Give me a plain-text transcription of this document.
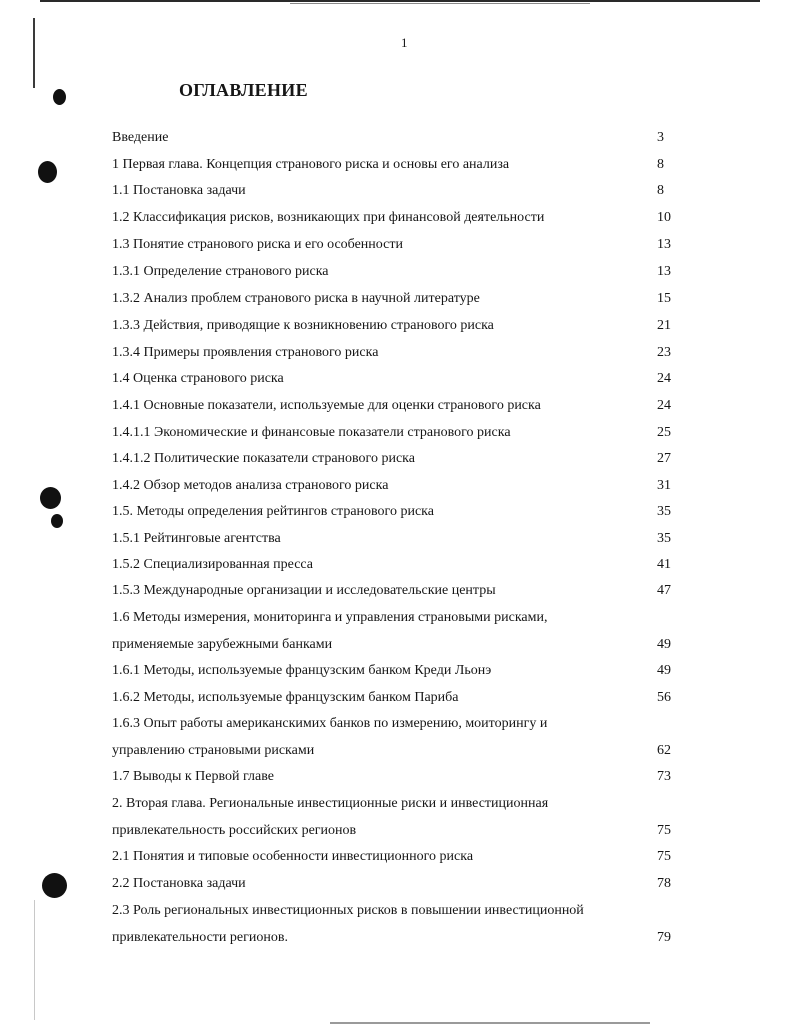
1
ОГЛАВЛЕНИЕ
Введение	3
1 Первая глава. Концепция странового риска и основы его анализа	8
1.1 Постановка задачи	8
1.2 Классификация рисков, возникающих при финансовой деятельности	10
1.3 Понятие странового риска и его особенности	13
1.3.1 Определение странового риска	13
1.3.2 Анализ проблем странового риска в научной литературе	15
1.3.3 Действия, приводящие к возникновению странового риска	21
1.3.4 Примеры проявления странового риска	23
1.4 Оценка странового риска	24
1.4.1 Основные показатели, используемые для оценки странового риска	24
1.4.1.1 Экономические и финансовые показатели странового риска	25
1.4.1.2 Политические показатели странового риска	27
1.4.2 Обзор методов анализа странового риска	31
1.5. Методы определения рейтингов странового риска	35
1.5.1 Рейтинговые агентства	35
1.5.2 Специализированная пресса	41
1.5.3 Международные организации и исследовательские центры	47
1.6 Методы измерения, мониторинга и управления страновыми рисками,
применяемые зарубежными банками	49
1.6.1 Методы, используемые французским банком Креди Льонэ	49
1.6.2 Методы, используемые французским банком Париба	56
1.6.3 Опыт работы американскимих банков по измерению, моиторингу и
управлению страновыми рисками	62
1.7 Выводы к Первой главе	73
2. Вторая глава. Региональные инвестиционные риски и инвестиционная
привлекательность российских регионов	75
2.1 Понятия и типовые особенности инвестиционного риска	75
2.2 Постановка задачи	78
2.3 Роль региональных инвестиционных рисков в повышении инвестиционной
привлекательности регионов.	79
